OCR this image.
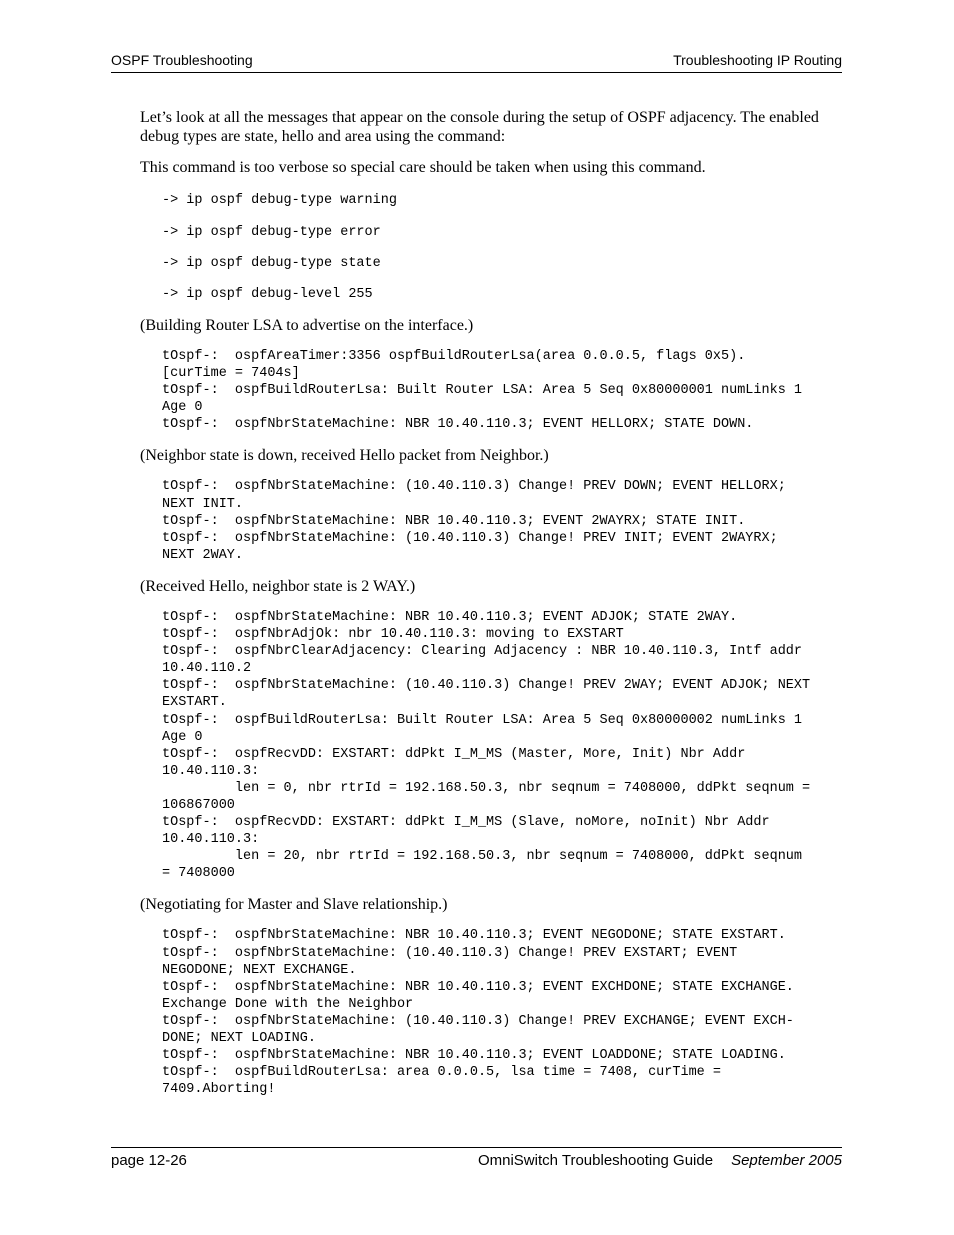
OSPF Troubleshooting	Troubleshooting IP Routing

Let’s look at all the messages that appear on the console during the setup of OSPF adjacency. The enabled debug types are state, hello and area using the command:

This command is too verbose so special care should be taken when using this command.

-> ip ospf debug-type warning
-> ip ospf debug-type error
-> ip ospf debug-type state
-> ip ospf debug-level 255

(Building Router LSA to advertise on the interface.)

tOspf-:  ospfAreaTimer:3356 ospfBuildRouterLsa(area 0.0.0.5, flags 0x5).
[curTime = 7404s]
tOspf-:  ospfBuildRouterLsa: Built Router LSA: Area 5 Seq 0x80000001 numLinks 1
Age 0
tOspf-:  ospfNbrStateMachine: NBR 10.40.110.3; EVENT HELLORX; STATE DOWN.

(Neighbor state is down, received Hello packet from Neighbor.)

tOspf-:  ospfNbrStateMachine: (10.40.110.3) Change! PREV DOWN; EVENT HELLORX;
NEXT INIT.
tOspf-:  ospfNbrStateMachine: NBR 10.40.110.3; EVENT 2WAYRX; STATE INIT.
tOspf-:  ospfNbrStateMachine: (10.40.110.3) Change! PREV INIT; EVENT 2WAYRX;
NEXT 2WAY.

(Received Hello, neighbor state is 2 WAY.)

tOspf-:  ospfNbrStateMachine: NBR 10.40.110.3; EVENT ADJOK; STATE 2WAY.
tOspf-:  ospfNbrAdjOk: nbr 10.40.110.3: moving to EXSTART
tOspf-:  ospfNbrClearAdjacency: Clearing Adjacency : NBR 10.40.110.3, Intf addr
10.40.110.2
tOspf-:  ospfNbrStateMachine: (10.40.110.3) Change! PREV 2WAY; EVENT ADJOK; NEXT
EXSTART.
tOspf-:  ospfBuildRouterLsa: Built Router LSA: Area 5 Seq 0x80000002 numLinks 1
Age 0
tOspf-:  ospfRecvDD: EXSTART: ddPkt I_M_MS (Master, More, Init) Nbr Addr
10.40.110.3:
len = 0, nbr rtrId = 192.168.50.3, nbr seqnum = 7408000, ddPkt seqnum =
106867000
tOspf-:  ospfRecvDD: EXSTART: ddPkt I_M_MS (Slave, noMore, noInit) Nbr Addr
10.40.110.3:
len = 20, nbr rtrId = 192.168.50.3, nbr seqnum = 7408000, ddPkt seqnum
= 7408000

(Negotiating for Master and Slave relationship.)

tOspf-:  ospfNbrStateMachine: NBR 10.40.110.3; EVENT NEGODONE; STATE EXSTART.
tOspf-:  ospfNbrStateMachine: (10.40.110.3) Change! PREV EXSTART; EVENT
NEGODONE; NEXT EXCHANGE.
tOspf-:  ospfNbrStateMachine: NBR 10.40.110.3; EVENT EXCHDONE; STATE EXCHANGE.
Exchange Done with the Neighbor
tOspf-:  ospfNbrStateMachine: (10.40.110.3) Change! PREV EXCHANGE; EVENT EXCH-
DONE; NEXT LOADING.
tOspf-:  ospfNbrStateMachine: NBR 10.40.110.3; EVENT LOADDONE; STATE LOADING.
tOspf-:  ospfBuildRouterLsa: area 0.0.0.5, lsa time = 7408, curTime =
7409.Aborting!
page 12-26	OmniSwitch Troubleshooting Guide September 2005
